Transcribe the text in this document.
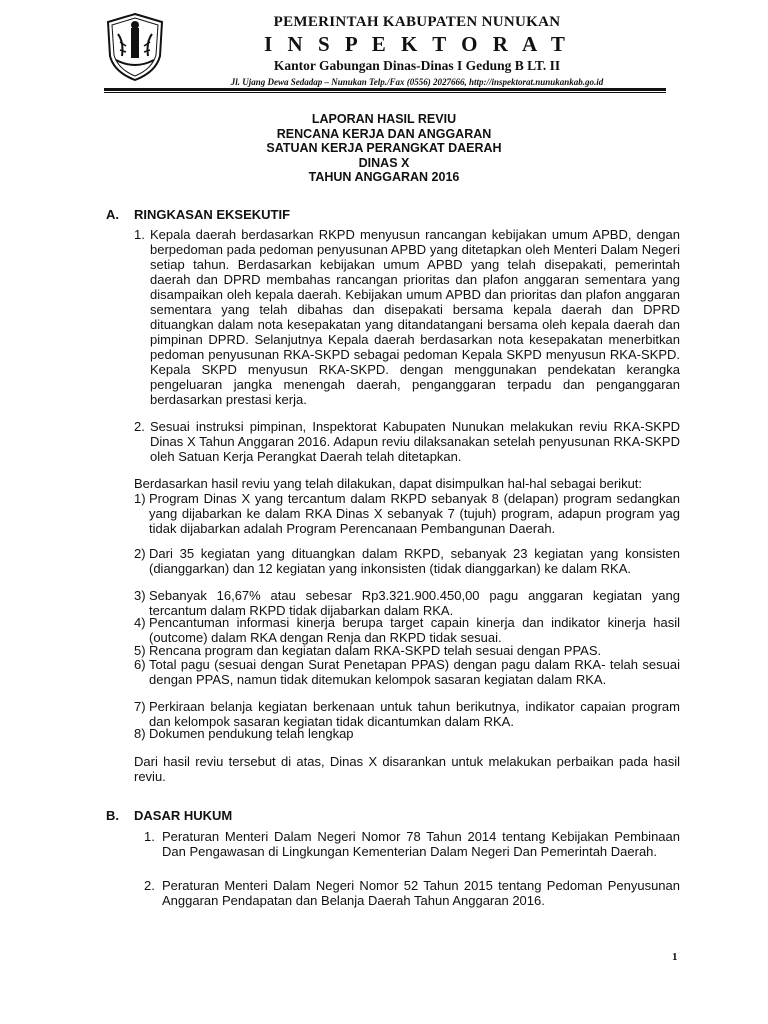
PEMERINTAH KABUPATEN NUNUKAN
I N S P E K T O R A T
Kantor Gabungan Dinas-Dinas I Gedung B LT. II
Jl. Ujang Dewa Sedadap – Nunukan Telp./Fax (0556) 2027666, http://inspektorat.nunukankab.go.id
LAPORAN HASIL REVIU
RENCANA KERJA DAN ANGGARAN
SATUAN KERJA PERANGKAT DAERAH
DINAS X
TAHUN ANGGARAN 2016
A. RINGKASAN EKSEKUTIF
1. Kepala daerah berdasarkan RKPD menyusun rancangan kebijakan umum APBD, dengan berpedoman pada pedoman penyusunan APBD yang ditetapkan oleh Menteri Dalam Negeri setiap tahun. Berdasarkan kebijakan umum APBD yang telah disepakati, pemerintah daerah dan DPRD membahas rancangan prioritas dan plafon anggaran sementara yang disampaikan oleh kepala daerah. Kebijakan umum APBD dan prioritas dan plafon anggaran sementara yang telah dibahas dan disepakati bersama kepala daerah dan DPRD dituangkan dalam nota kesepakatan yang ditandatangani bersama oleh kepala daerah dan pimpinan DPRD. Selanjutnya Kepala daerah berdasarkan nota kesepakatan menerbitkan pedoman penyusunan RKA-SKPD sebagai pedoman Kepala SKPD menyusun RKA-SKPD. Kepala SKPD menyusun RKA-SKPD. dengan menggunakan pendekatan kerangka pengeluaran jangka menengah daerah, penganggaran terpadu dan penganggaran berdasarkan prestasi kerja.
2. Sesuai instruksi pimpinan, Inspektorat Kabupaten Nunukan melakukan reviu RKA-SKPD Dinas X Tahun Anggaran 2016. Adapun reviu dilaksanakan setelah penyusunan RKA-SKPD oleh Satuan Kerja Perangkat Daerah telah ditetapkan.
Berdasarkan hasil reviu yang telah dilakukan, dapat disimpulkan hal-hal sebagai berikut:
1) Program Dinas X yang tercantum dalam RKPD sebanyak 8 (delapan) program sedangkan yang dijabarkan ke dalam RKA Dinas X sebanyak 7 (tujuh) program, adapun program yag tidak dijabarkan adalah Program Perencanaan Pembangunan Daerah.
2) Dari 35 kegiatan yang dituangkan dalam RKPD, sebanyak 23 kegiatan yang konsisten (dianggarkan) dan 12 kegiatan yang inkonsisten (tidak dianggarkan) ke dalam RKA.
3) Sebanyak 16,67% atau sebesar Rp3.321.900.450,00 pagu anggaran kegiatan yang tercantum dalam RKPD tidak dijabarkan dalam RKA.
4) Pencantuman informasi kinerja berupa target capain kinerja dan indikator kinerja hasil (outcome) dalam RKA dengan Renja dan RKPD tidak sesuai.
5) Rencana program dan kegiatan dalam RKA-SKPD telah sesuai dengan PPAS.
6) Total pagu (sesuai dengan Surat Penetapan PPAS) dengan pagu dalam RKA- telah sesuai dengan PPAS, namun tidak ditemukan kelompok sasaran kegiatan dalam RKA.
7) Perkiraan belanja kegiatan berkenaan untuk tahun berikutnya, indikator capaian program dan kelompok sasaran kegiatan tidak dicantumkan dalam RKA.
8) Dokumen pendukung telah lengkap
Dari hasil reviu tersebut di atas, Dinas X disarankan untuk melakukan perbaikan pada hasil reviu.
B. DASAR HUKUM
1. Peraturan Menteri Dalam Negeri Nomor 78 Tahun 2014 tentang Kebijakan Pembinaan Dan Pengawasan di Lingkungan Kementerian Dalam Negeri Dan Pemerintah Daerah.
2. Peraturan Menteri Dalam Negeri Nomor 52 Tahun 2015 tentang Pedoman Penyusunan Anggaran Pendapatan dan Belanja Daerah Tahun Anggaran 2016.
1
